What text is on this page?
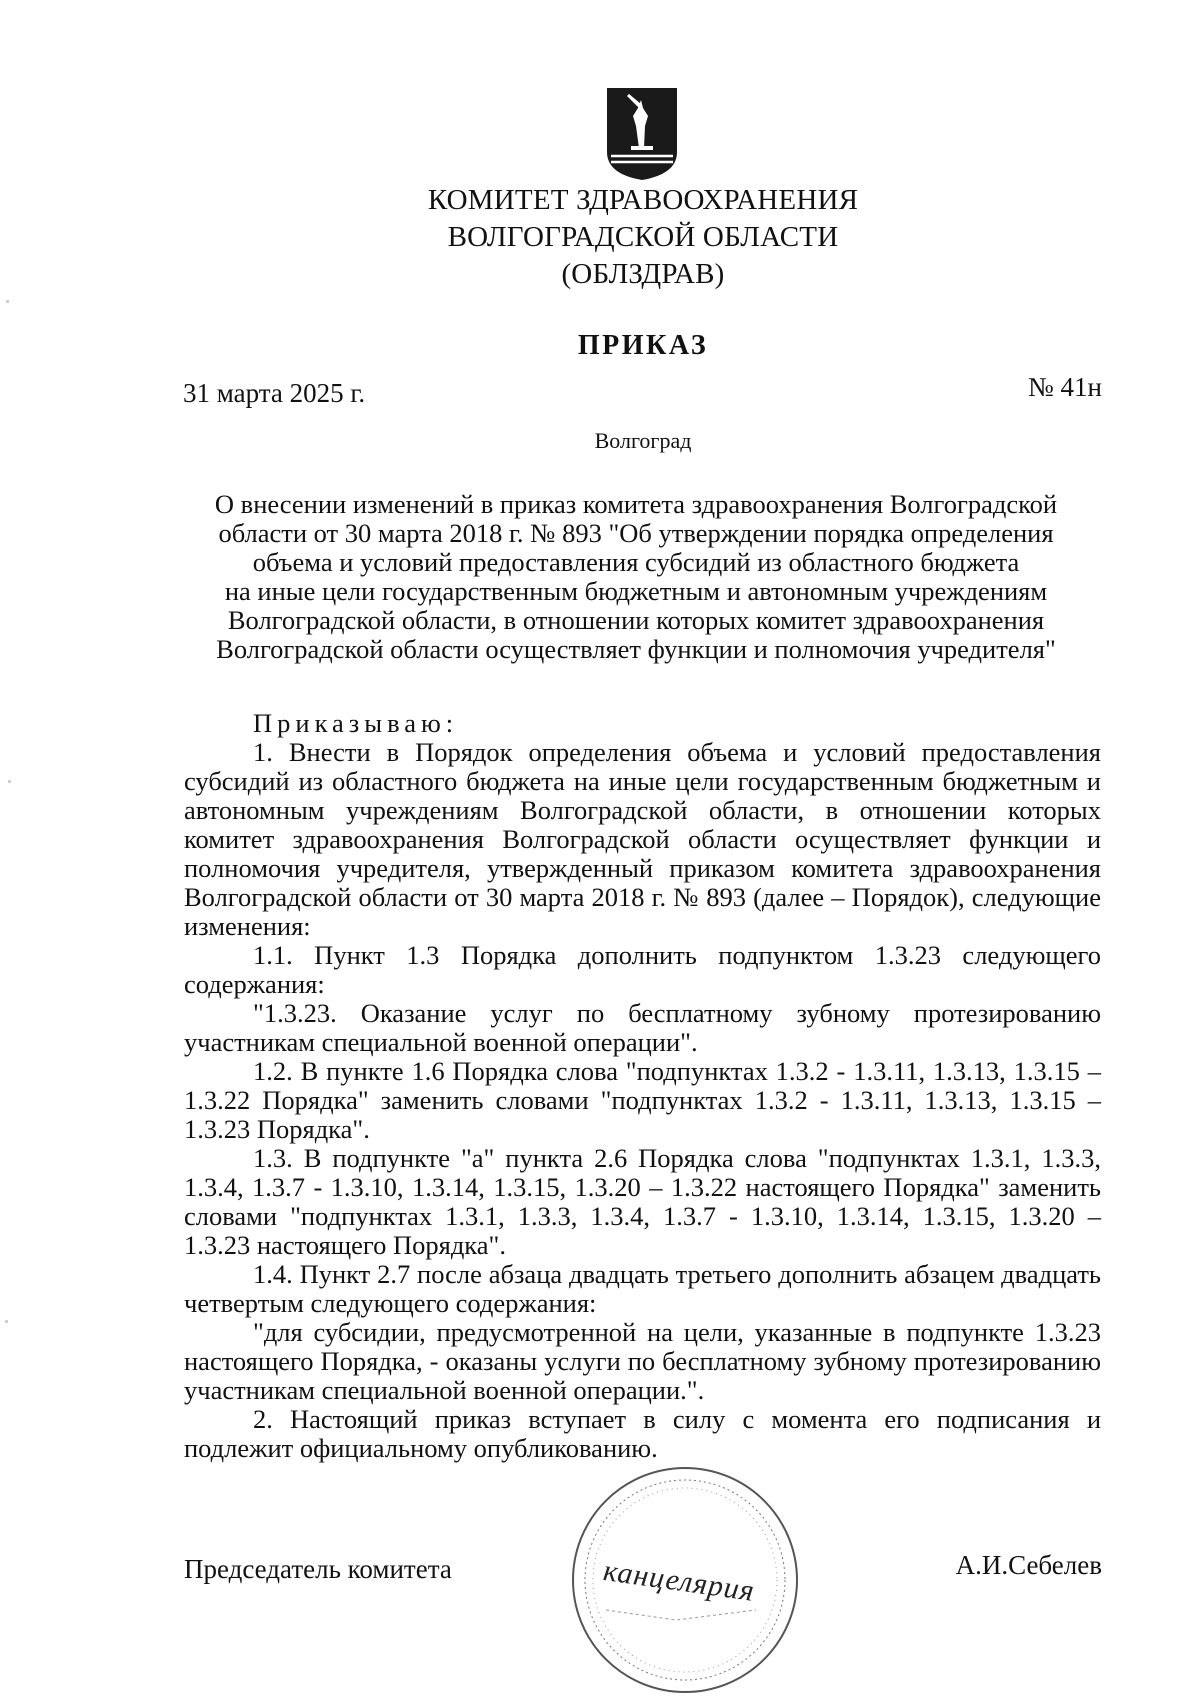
КОМИТЕТ ЗДРАВООХРАНЕНИЯ
ВОЛГОГРАДСКОЙ ОБЛАСТИ
(ОБЛЗДРАВ)
ПРИКАЗ
31 марта 2025 г.	№ 41н
Волгоград
О внесении изменений в приказ комитета здравоохранения Волгоградской
области от 30 марта 2018 г. № 893 "Об утверждении порядка определения
объема и условий предоставления субсидий из областного бюджета
на иные цели государственным бюджетным и автономным учреждениям
Волгоградской области, в отношении которых комитет здравоохранения
Волгоградской области осуществляет функции и полномочия учредителя"
Приказываю:
1. Внести в Порядок определения объема и условий предоставления субсидий из областного бюджета на иные цели государственным бюджетным и автономным учреждениям Волгоградской области, в отношении которых комитет здравоохранения Волгоградской области осуществляет функции и полномочия учредителя, утвержденный приказом комитета здравоохранения Волгоградской области от 30 марта 2018 г. № 893 (далее – Порядок), следующие изменения:
1.1. Пункт 1.3 Порядка дополнить подпунктом 1.3.23 следующего содержания:
"1.3.23. Оказание услуг по бесплатному зубному протезированию участникам специальной военной операции".
1.2. В пункте 1.6 Порядка слова "подпунктах 1.3.2 - 1.3.11, 1.3.13, 1.3.15 – 1.3.22 Порядка" заменить словами "подпунктах 1.3.2 - 1.3.11, 1.3.13, 1.3.15 – 1.3.23 Порядка".
1.3. В подпункте "а" пункта 2.6 Порядка слова "подпунктах 1.3.1, 1.3.3, 1.3.4, 1.3.7 - 1.3.10, 1.3.14, 1.3.15, 1.3.20 – 1.3.22 настоящего Порядка" заменить словами "подпунктах 1.3.1, 1.3.3, 1.3.4, 1.3.7 - 1.3.10, 1.3.14, 1.3.15, 1.3.20 – 1.3.23 настоящего Порядка".
1.4. Пункт 2.7 после абзаца двадцать третьего дополнить абзацем двадцать четвертым следующего содержания:
"для субсидии, предусмотренной на цели, указанные в подпункте 1.3.23 настоящего Порядка, - оказаны услуги по бесплатному зубному протезированию участникам специальной военной операции.".
2. Настоящий приказ вступает в силу с момента его подписания и подлежит официальному опубликованию.
Председатель комитета	А.И.Себелев
канцелярия
